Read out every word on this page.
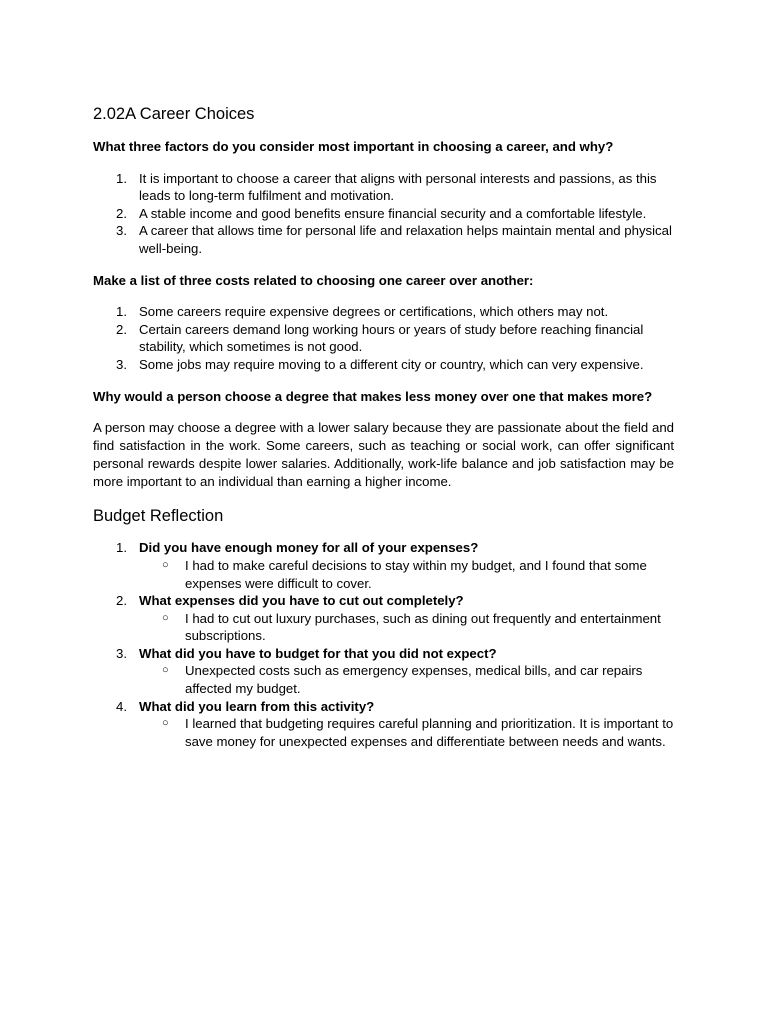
2.02A Career Choices

What three factors do you consider most important in choosing a career, and why?

1. It is important to choose a career that aligns with personal interests and passions, as this leads to long-term fulfilment and motivation.
2. A stable income and good benefits ensure financial security and a comfortable lifestyle.
3. A career that allows time for personal life and relaxation helps maintain mental and physical well-being.

Make a list of three costs related to choosing one career over another:

1. Some careers require expensive degrees or certifications, which others may not.
2. Certain careers demand long working hours or years of study before reaching financial stability, which sometimes is not good.
3. Some jobs may require moving to a different city or country, which can very expensive.

Why would a person choose a degree that makes less money over one that makes more?

A person may choose a degree with a lower salary because they are passionate about the field and find satisfaction in the work. Some careers, such as teaching or social work, can offer significant personal rewards despite lower salaries. Additionally, work-life balance and job satisfaction may be more important to an individual than earning a higher income.

Budget Reflection
1. Did you have enough money for all of your expenses?
○ I had to make careful decisions to stay within my budget, and I found that some expenses were difficult to cover.
2. What expenses did you have to cut out completely?
○ I had to cut out luxury purchases, such as dining out frequently and entertainment subscriptions.
3. What did you have to budget for that you did not expect?
○ Unexpected costs such as emergency expenses, medical bills, and car repairs affected my budget.
4. What did you learn from this activity?
○ I learned that budgeting requires careful planning and prioritization. It is important to save money for unexpected expenses and differentiate between needs and wants.
